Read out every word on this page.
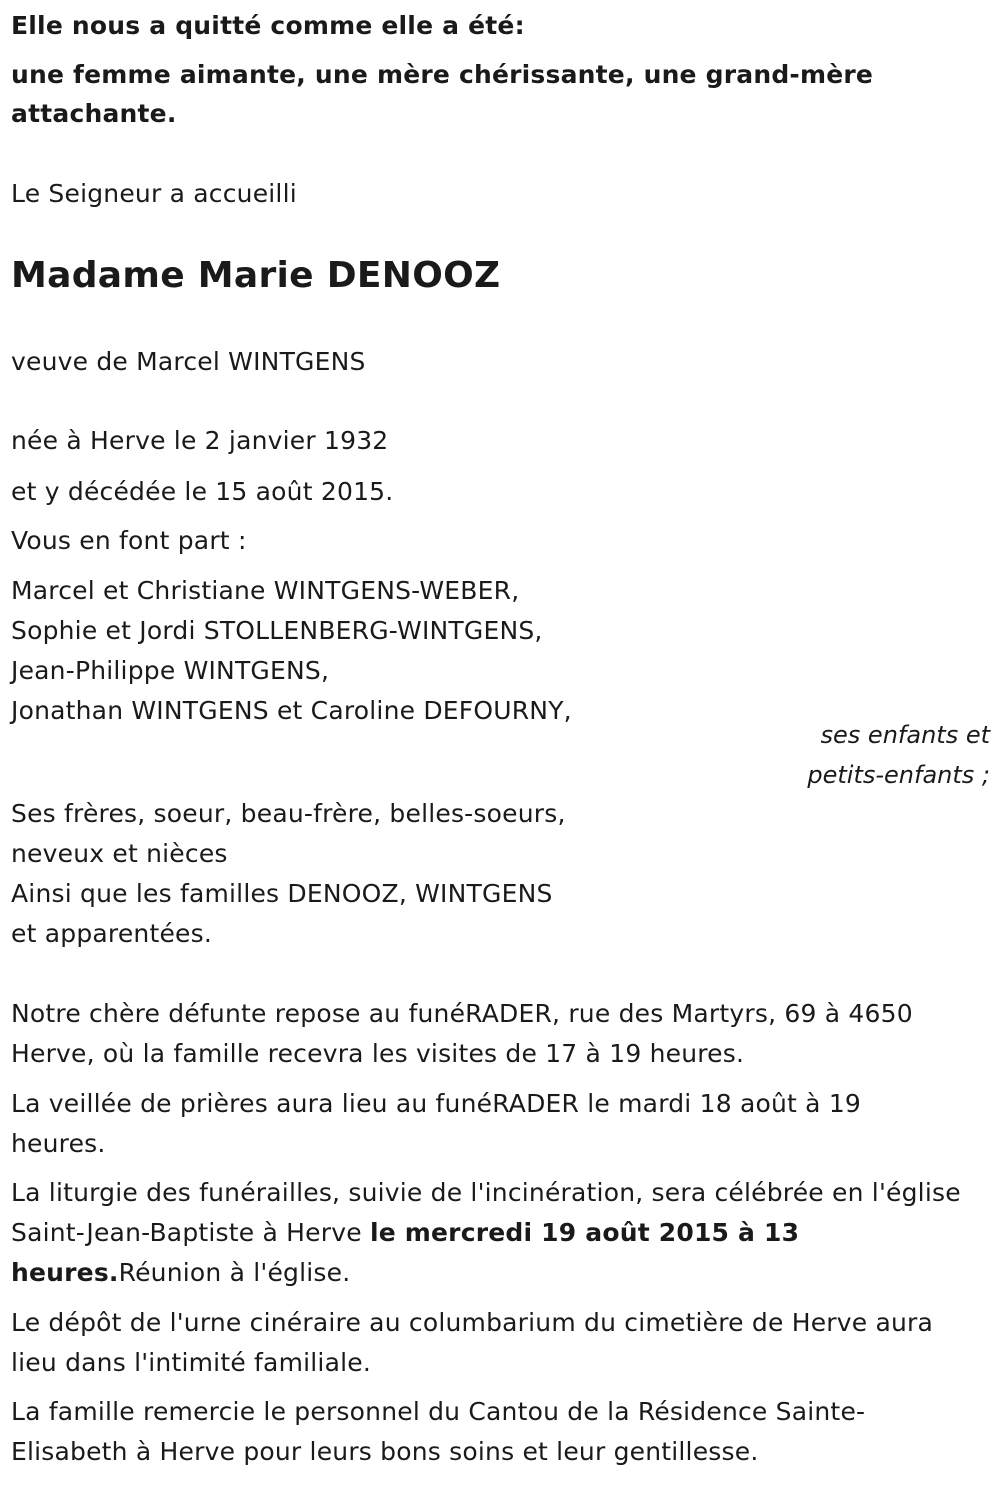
Elle nous a quitté comme elle a été:
une femme aimante, une mère chérissante, une grand-mère
attachante.
Le Seigneur a accueilli
Madame Marie DENOOZ
veuve de Marcel WINTGENS
née à Herve le 2 janvier 1932
et y décédée le 15 août 2015.
Vous en font part :
Marcel et Christiane WINTGENS-WEBER,
Sophie et Jordi STOLLENBERG-WINTGENS,
Jean-Philippe WINTGENS,
Jonathan WINTGENS et Caroline DEFOURNY,
ses enfants et
petits-enfants ;
Ses frères, soeur, beau-frère, belles-soeurs,
neveux et nièces
Ainsi que les familles DENOOZ, WINTGENS
et apparentées.
Notre chère défunte repose au funéRADER, rue des Martyrs, 69 à 4650
Herve, où la famille recevra les visites de 17 à 19 heures.
La veillée de prières aura lieu au funéRADER le mardi 18 août à 19
heures.
La liturgie des funérailles, suivie de l'incinération, sera célébrée en l'église
Saint-Jean-Baptiste à Herve le mercredi 19 août 2015 à 13
heures.Réunion à l'église.
Le dépôt de l'urne cinéraire au columbarium du cimetière de Herve aura
lieu dans l'intimité familiale.
La famille remercie le personnel du Cantou de la Résidence Sainte-
Elisabeth à Herve pour leurs bons soins et leur gentillesse.
